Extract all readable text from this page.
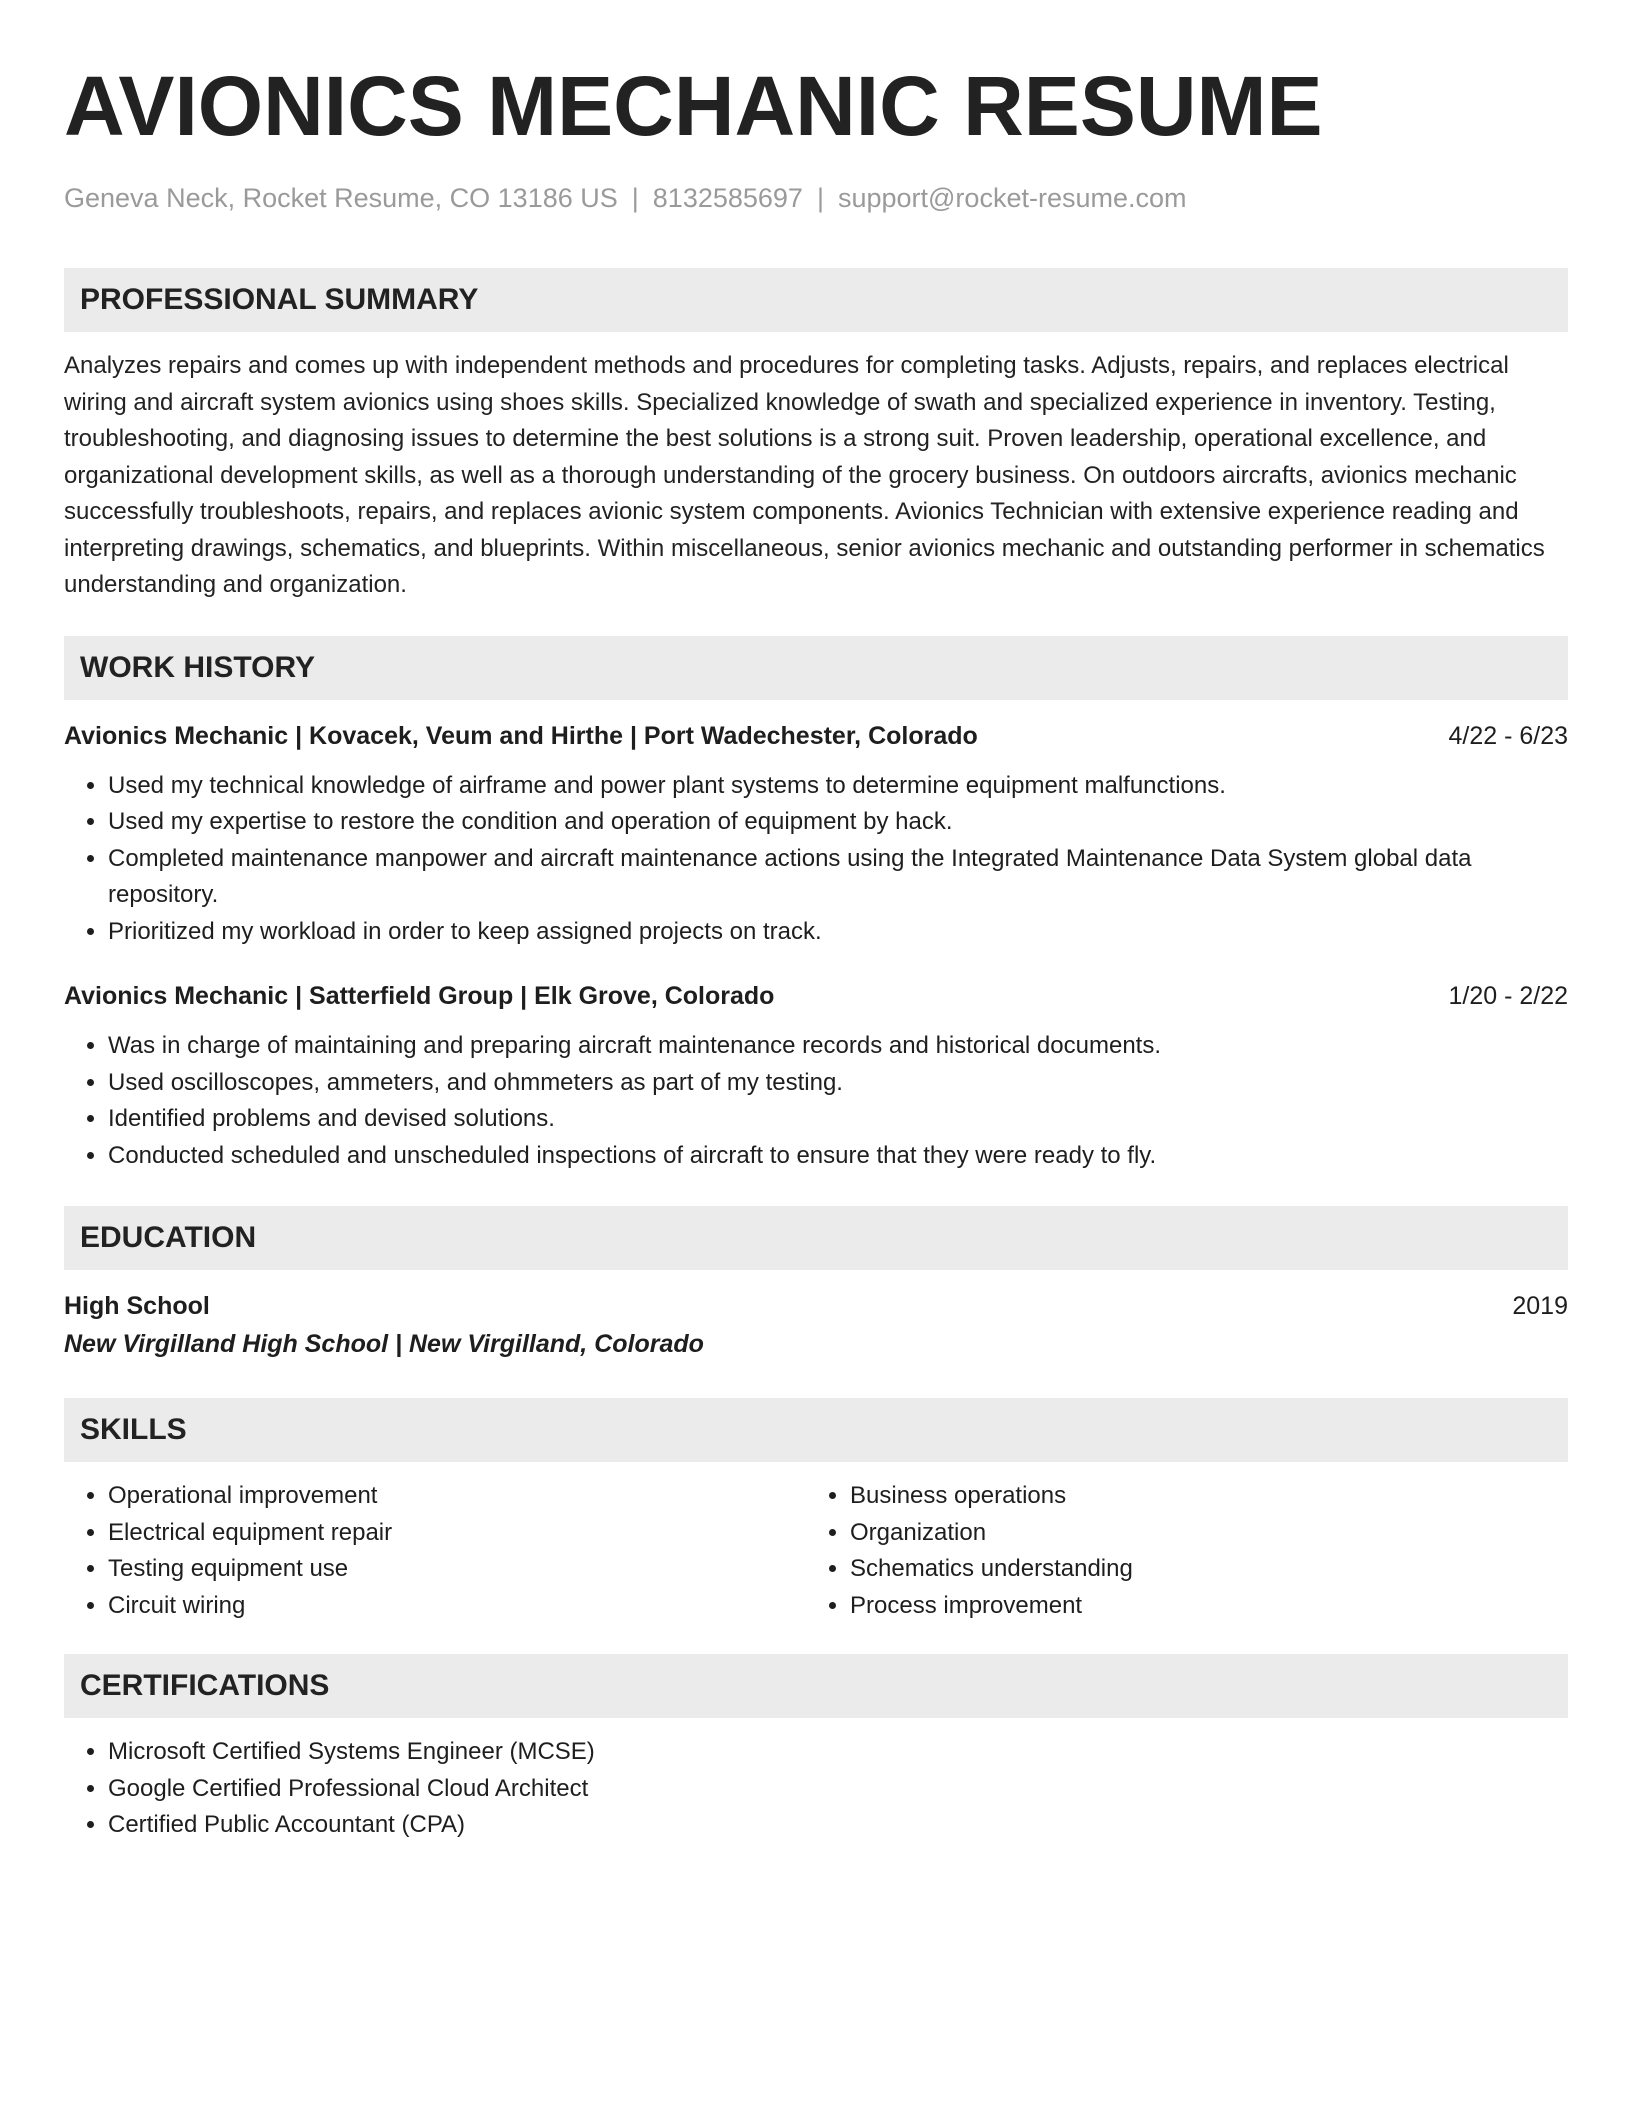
AVIONICS MECHANIC RESUME
Geneva Neck, Rocket Resume, CO 13186 US | 8132585697 | support@rocket-resume.com
PROFESSIONAL SUMMARY
Analyzes repairs and comes up with independent methods and procedures for completing tasks. Adjusts, repairs, and replaces electrical wiring and aircraft system avionics using shoes skills. Specialized knowledge of swath and specialized experience in inventory. Testing, troubleshooting, and diagnosing issues to determine the best solutions is a strong suit. Proven leadership, operational excellence, and organizational development skills, as well as a thorough understanding of the grocery business. On outdoors aircrafts, avionics mechanic successfully troubleshoots, repairs, and replaces avionic system components. Avionics Technician with extensive experience reading and interpreting drawings, schematics, and blueprints. Within miscellaneous, senior avionics mechanic and outstanding performer in schematics understanding and organization.
WORK HISTORY
Avionics Mechanic | Kovacek, Veum and Hirthe | Port Wadechester, Colorado	4/22 - 6/23
• Used my technical knowledge of airframe and power plant systems to determine equipment malfunctions.
• Used my expertise to restore the condition and operation of equipment by hack.
• Completed maintenance manpower and aircraft maintenance actions using the Integrated Maintenance Data System global data repository.
• Prioritized my workload in order to keep assigned projects on track.
Avionics Mechanic | Satterfield Group | Elk Grove, Colorado	1/20 - 2/22
• Was in charge of maintaining and preparing aircraft maintenance records and historical documents.
• Used oscilloscopes, ammeters, and ohmmeters as part of my testing.
• Identified problems and devised solutions.
• Conducted scheduled and unscheduled inspections of aircraft to ensure that they were ready to fly.
EDUCATION
High School	2019
New Virgilland High School | New Virgilland, Colorado
SKILLS
• Operational improvement
• Electrical equipment repair
• Testing equipment use
• Circuit wiring
• Business operations
• Organization
• Schematics understanding
• Process improvement
CERTIFICATIONS
• Microsoft Certified Systems Engineer (MCSE)
• Google Certified Professional Cloud Architect
• Certified Public Accountant (CPA)
